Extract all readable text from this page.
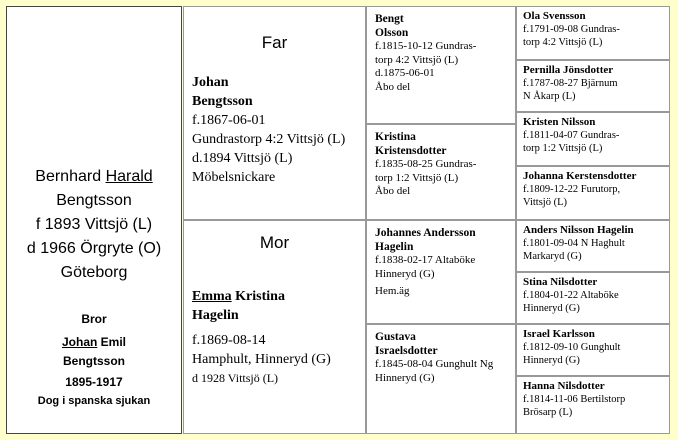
Bernhard Harald
Bengtsson
f 1893 Vittsjö (L)
d 1966 Örgryte (O)
Göteborg
Bror
Johan Emil
Bengtsson
1895-1917
Dog i spanska sjukan
Far
Johan
Bengtsson
f.1867-06-01
Gundrastorp 4:2 Vittsjö (L)
d.1894 Vittsjö (L)
Möbelsnickare
Mor
Emma Kristina
Hagelin
f.1869-08-14
Hamphult, Hinneryd (G)
d 1928 Vittsjö (L)
Bengt
Olsson
f.1815-10-12 Gundras-
torp 4:2 Vittsjö (L)
d.1875-06-01
Åbo del
Kristina
Kristensdotter
f.1835-08-25 Gundras-
torp 1:2 Vittsjö (L)
Åbo del
Johannes Andersson
Hagelin
f.1838-02-17 Altaböke
Hinneryd (G)
Hem.äg
Gustava
Israelsdotter
f.1845-08-04 Gunghult Ng
Hinneryd (G)
Ola Svensson
f.1791-09-08 Gundras-
torp 4:2 Vittsjö (L)
Pernilla Jönsdotter
f.1787-08-27 Bjärnum
N Åkarp (L)
Kristen Nilsson
f.1811-04-07 Gundras-
torp 1:2 Vittsjö (L)
Johanna Kerstensdotter
f.1809-12-22 Furutorp,
Vittsjö (L)
Anders Nilsson Hagelin
f.1801-09-04 N Haghult
Markaryd (G)
Stina Nilsdotter
f.1804-01-22 Altaböke
Hinneryd (G)
Israel Karlsson
f.1812-09-10 Gunghult
Hinneryd (G)
Hanna Nilsdotter
f.1814-11-06 Bertilstorp
Brösarp (L)
